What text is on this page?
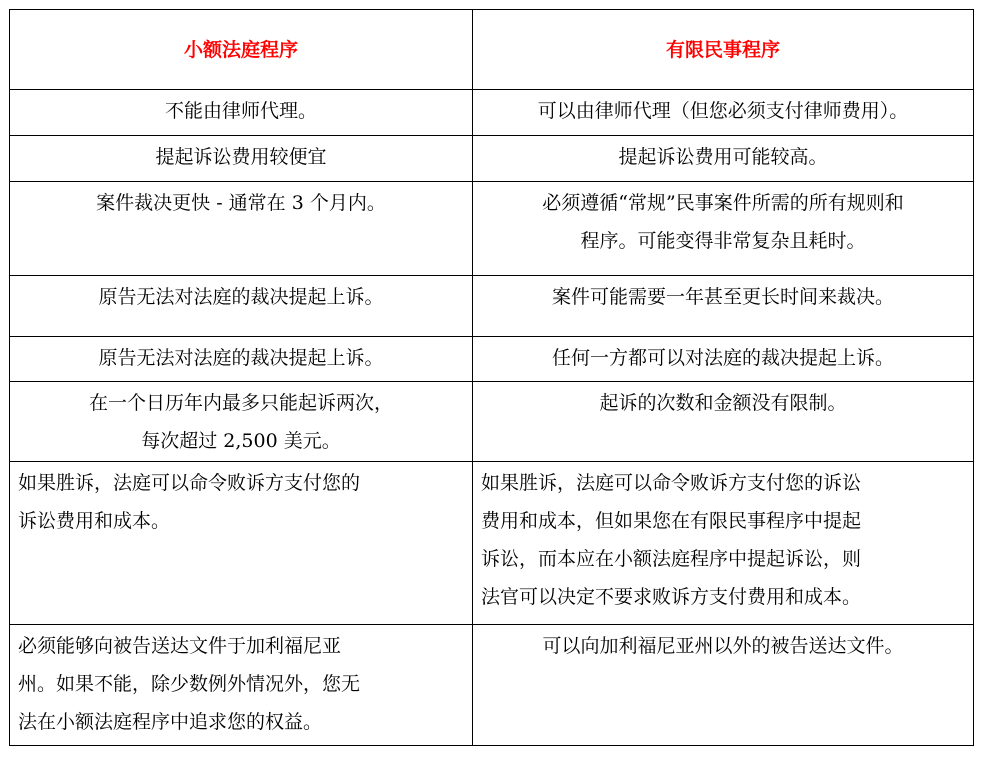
小额法庭程序	有限民事程序

不能由律师代理。	可以由律师代理（但您必须支付律师费用）。

提起诉讼费用较便宜	提起诉讼费用可能较高。

案件裁决更快 - 通常在 3 个月内。	必须遵循“常规”民事案件所需的所有规则和
程序。可能变得非常复杂且耗时。

原告无法对法庭的裁决提起上诉。	案件可能需要一年甚至更长时间来裁决。

原告无法对法庭的裁决提起上诉。	任何一方都可以对法庭的裁决提起上诉。

在一个日历年内最多只能起诉两次，
每次超过 2,500 美元。	起诉的次数和金额没有限制。

如果胜诉，法庭可以命令败诉方支付您的
诉讼费用和成本。	如果胜诉，法庭可以命令败诉方支付您的诉讼
费用和成本，但如果您在有限民事程序中提起
诉讼，而本应在小额法庭程序中提起诉讼，则
法官可以决定不要求败诉方支付费用和成本。

必须能够向被告送达文件于加利福尼亚
州。如果不能，除少数例外情况外，您无
法在小额法庭程序中追求您的权益。	可以向加利福尼亚州以外的被告送达文件。
